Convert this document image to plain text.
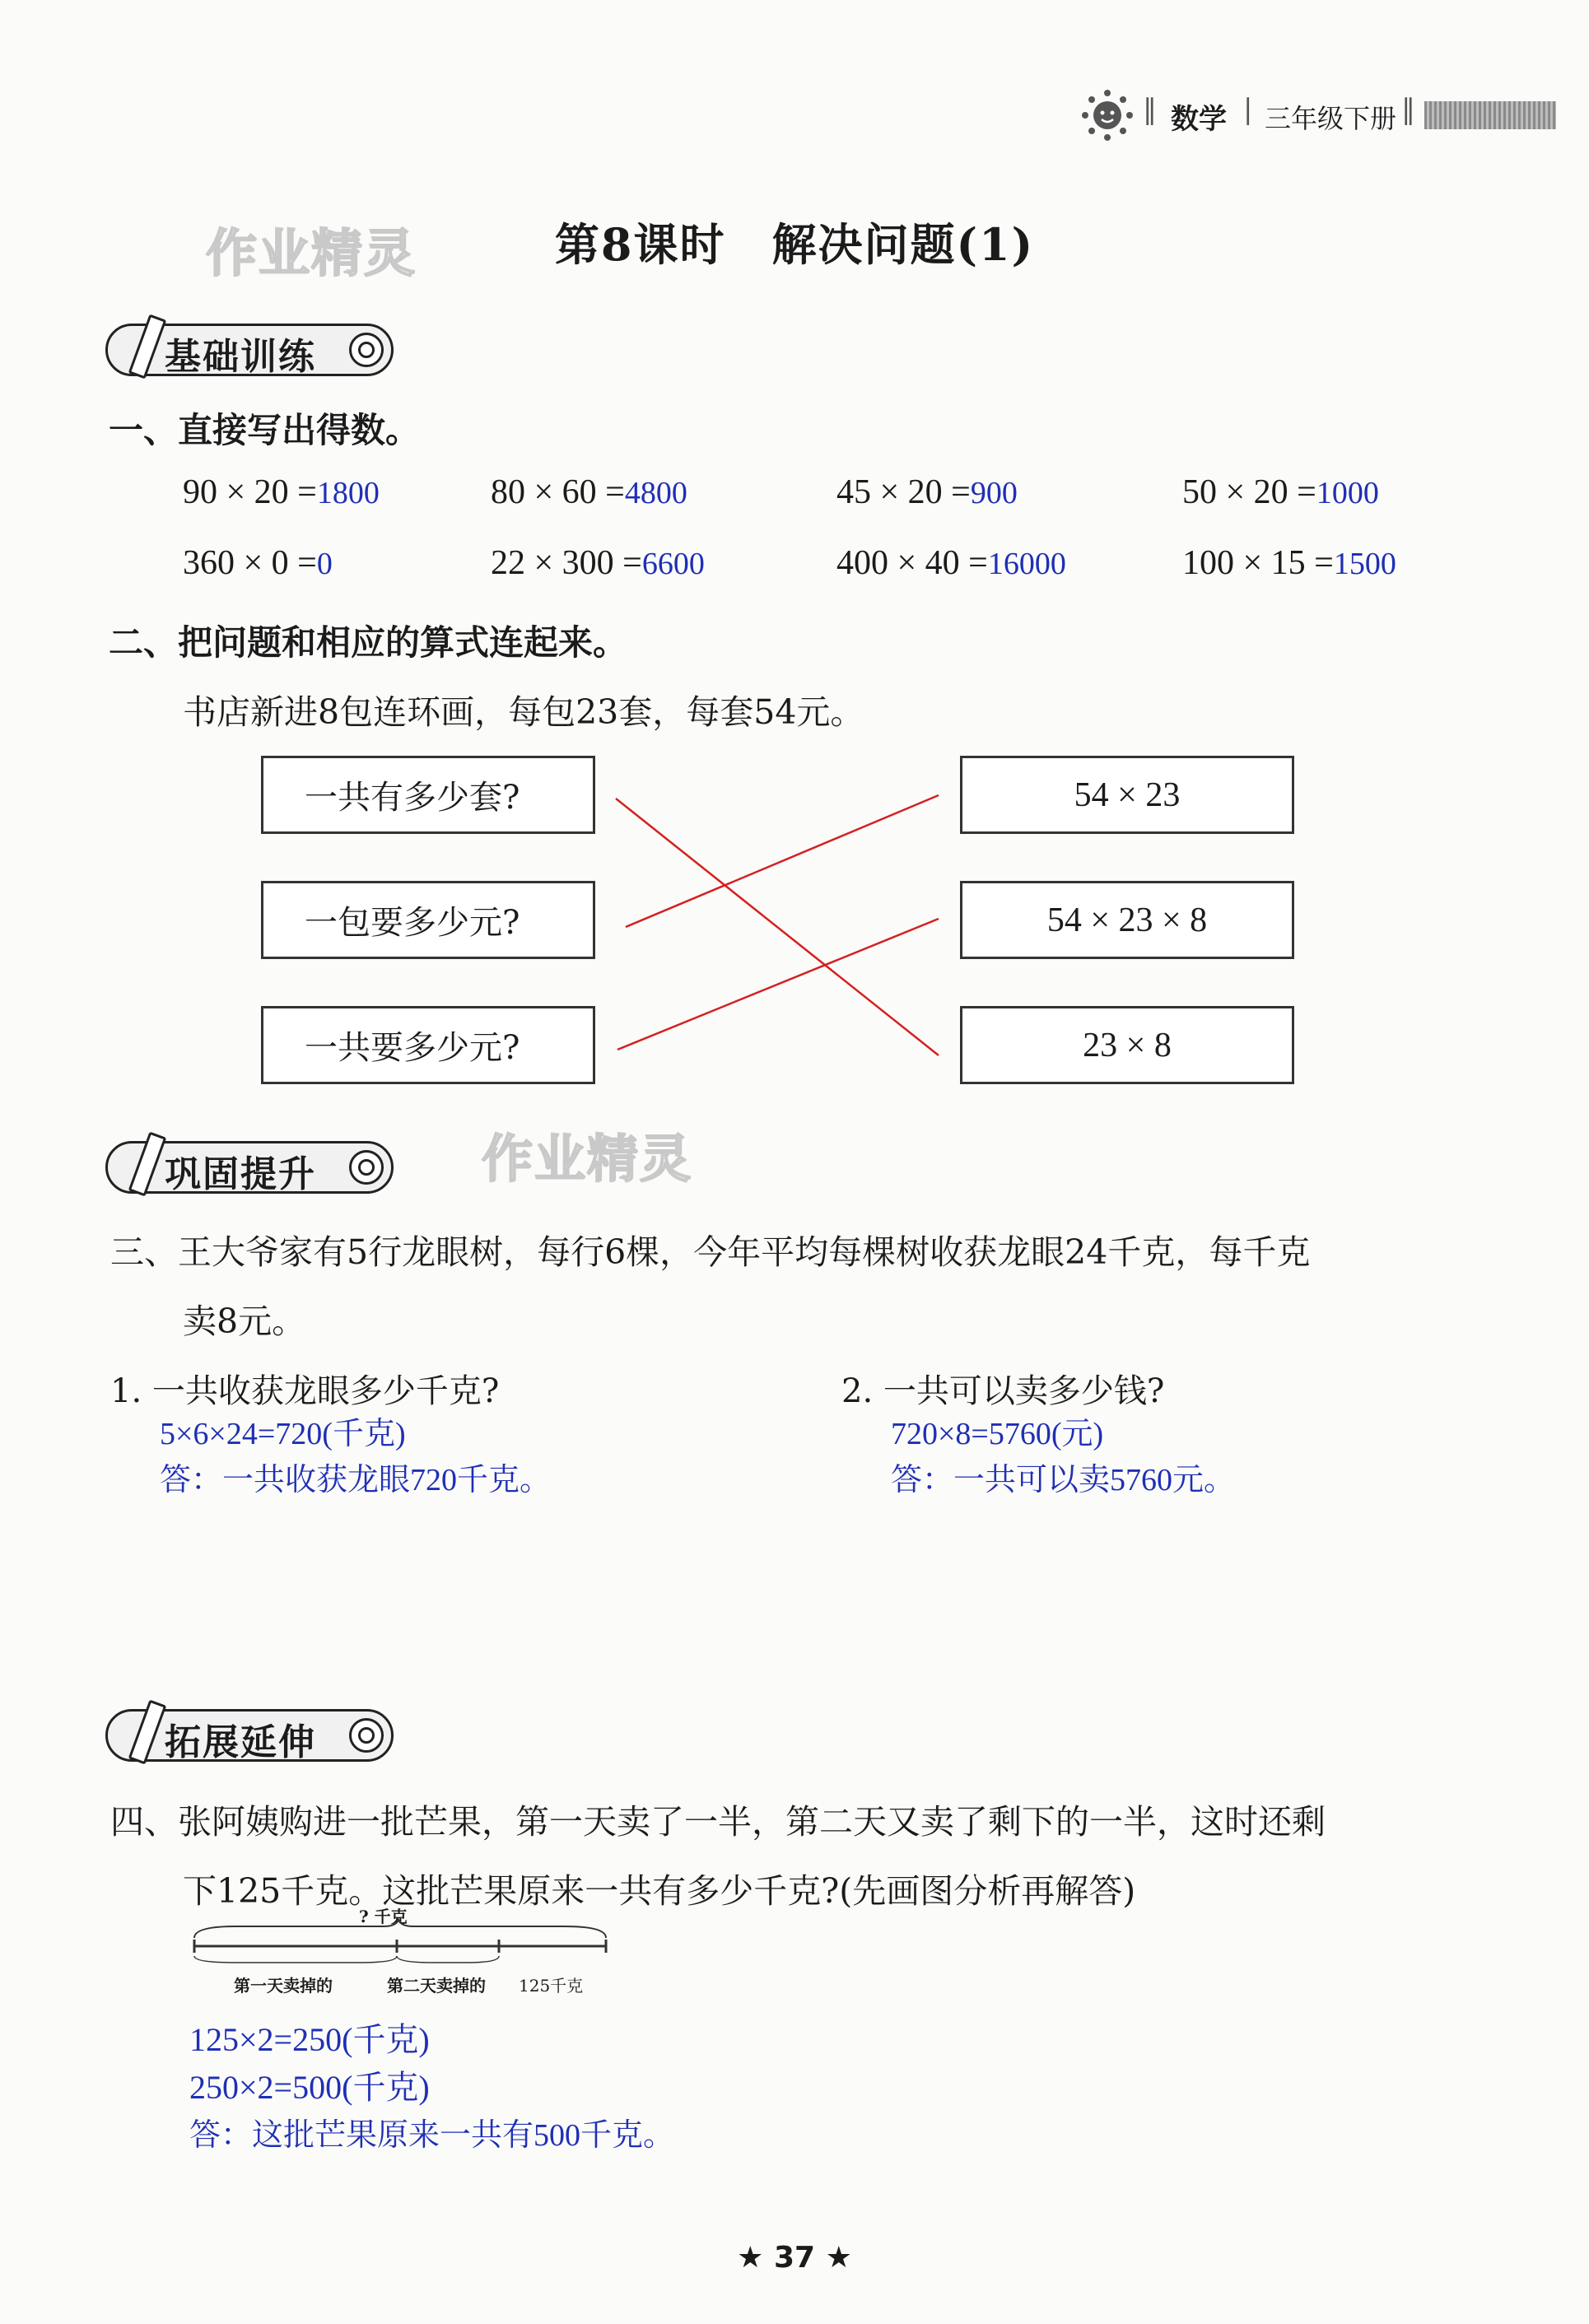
‖ 数学 | 三年级下册 ‖
作业精灵	第8课时　解决问题(1)
基础训练
一、直接写出得数。
90 × 20 =1800	80 × 60 =4800	45 × 20 =900	50 × 20 =1000
360 × 0 =0	22 × 300 =6600	400 × 40 =16000	100 × 15 =1500
二、把问题和相应的算式连起来。
书店新进8包连环画，每包23套，每套54元。
一共有多少套?
一包要多少元?
一共要多少元?
54 × 23
54 × 23 × 8
23 × 8
巩固提升	作业精灵
三、王大爷家有5行龙眼树，每行6棵，今年平均每棵树收获龙眼24千克，每千克
卖8元。
1. 一共收获龙眼多少千克?
5×6×24=720(千克)
答：一共收获龙眼720千克。
2. 一共可以卖多少钱?
720×8=5760(元)
答：一共可以卖5760元。
拓展延伸
四、张阿姨购进一批芒果，第一天卖了一半，第二天又卖了剩下的一半，这时还剩
下125千克。这批芒果原来一共有多少千克?(先画图分析再解答)
? 千克
第一天卖掉的	第二天卖掉的 125千克
125×2=250(千克)
250×2=500(千克)
答：这批芒果原来一共有500千克。
★ 37 ★
